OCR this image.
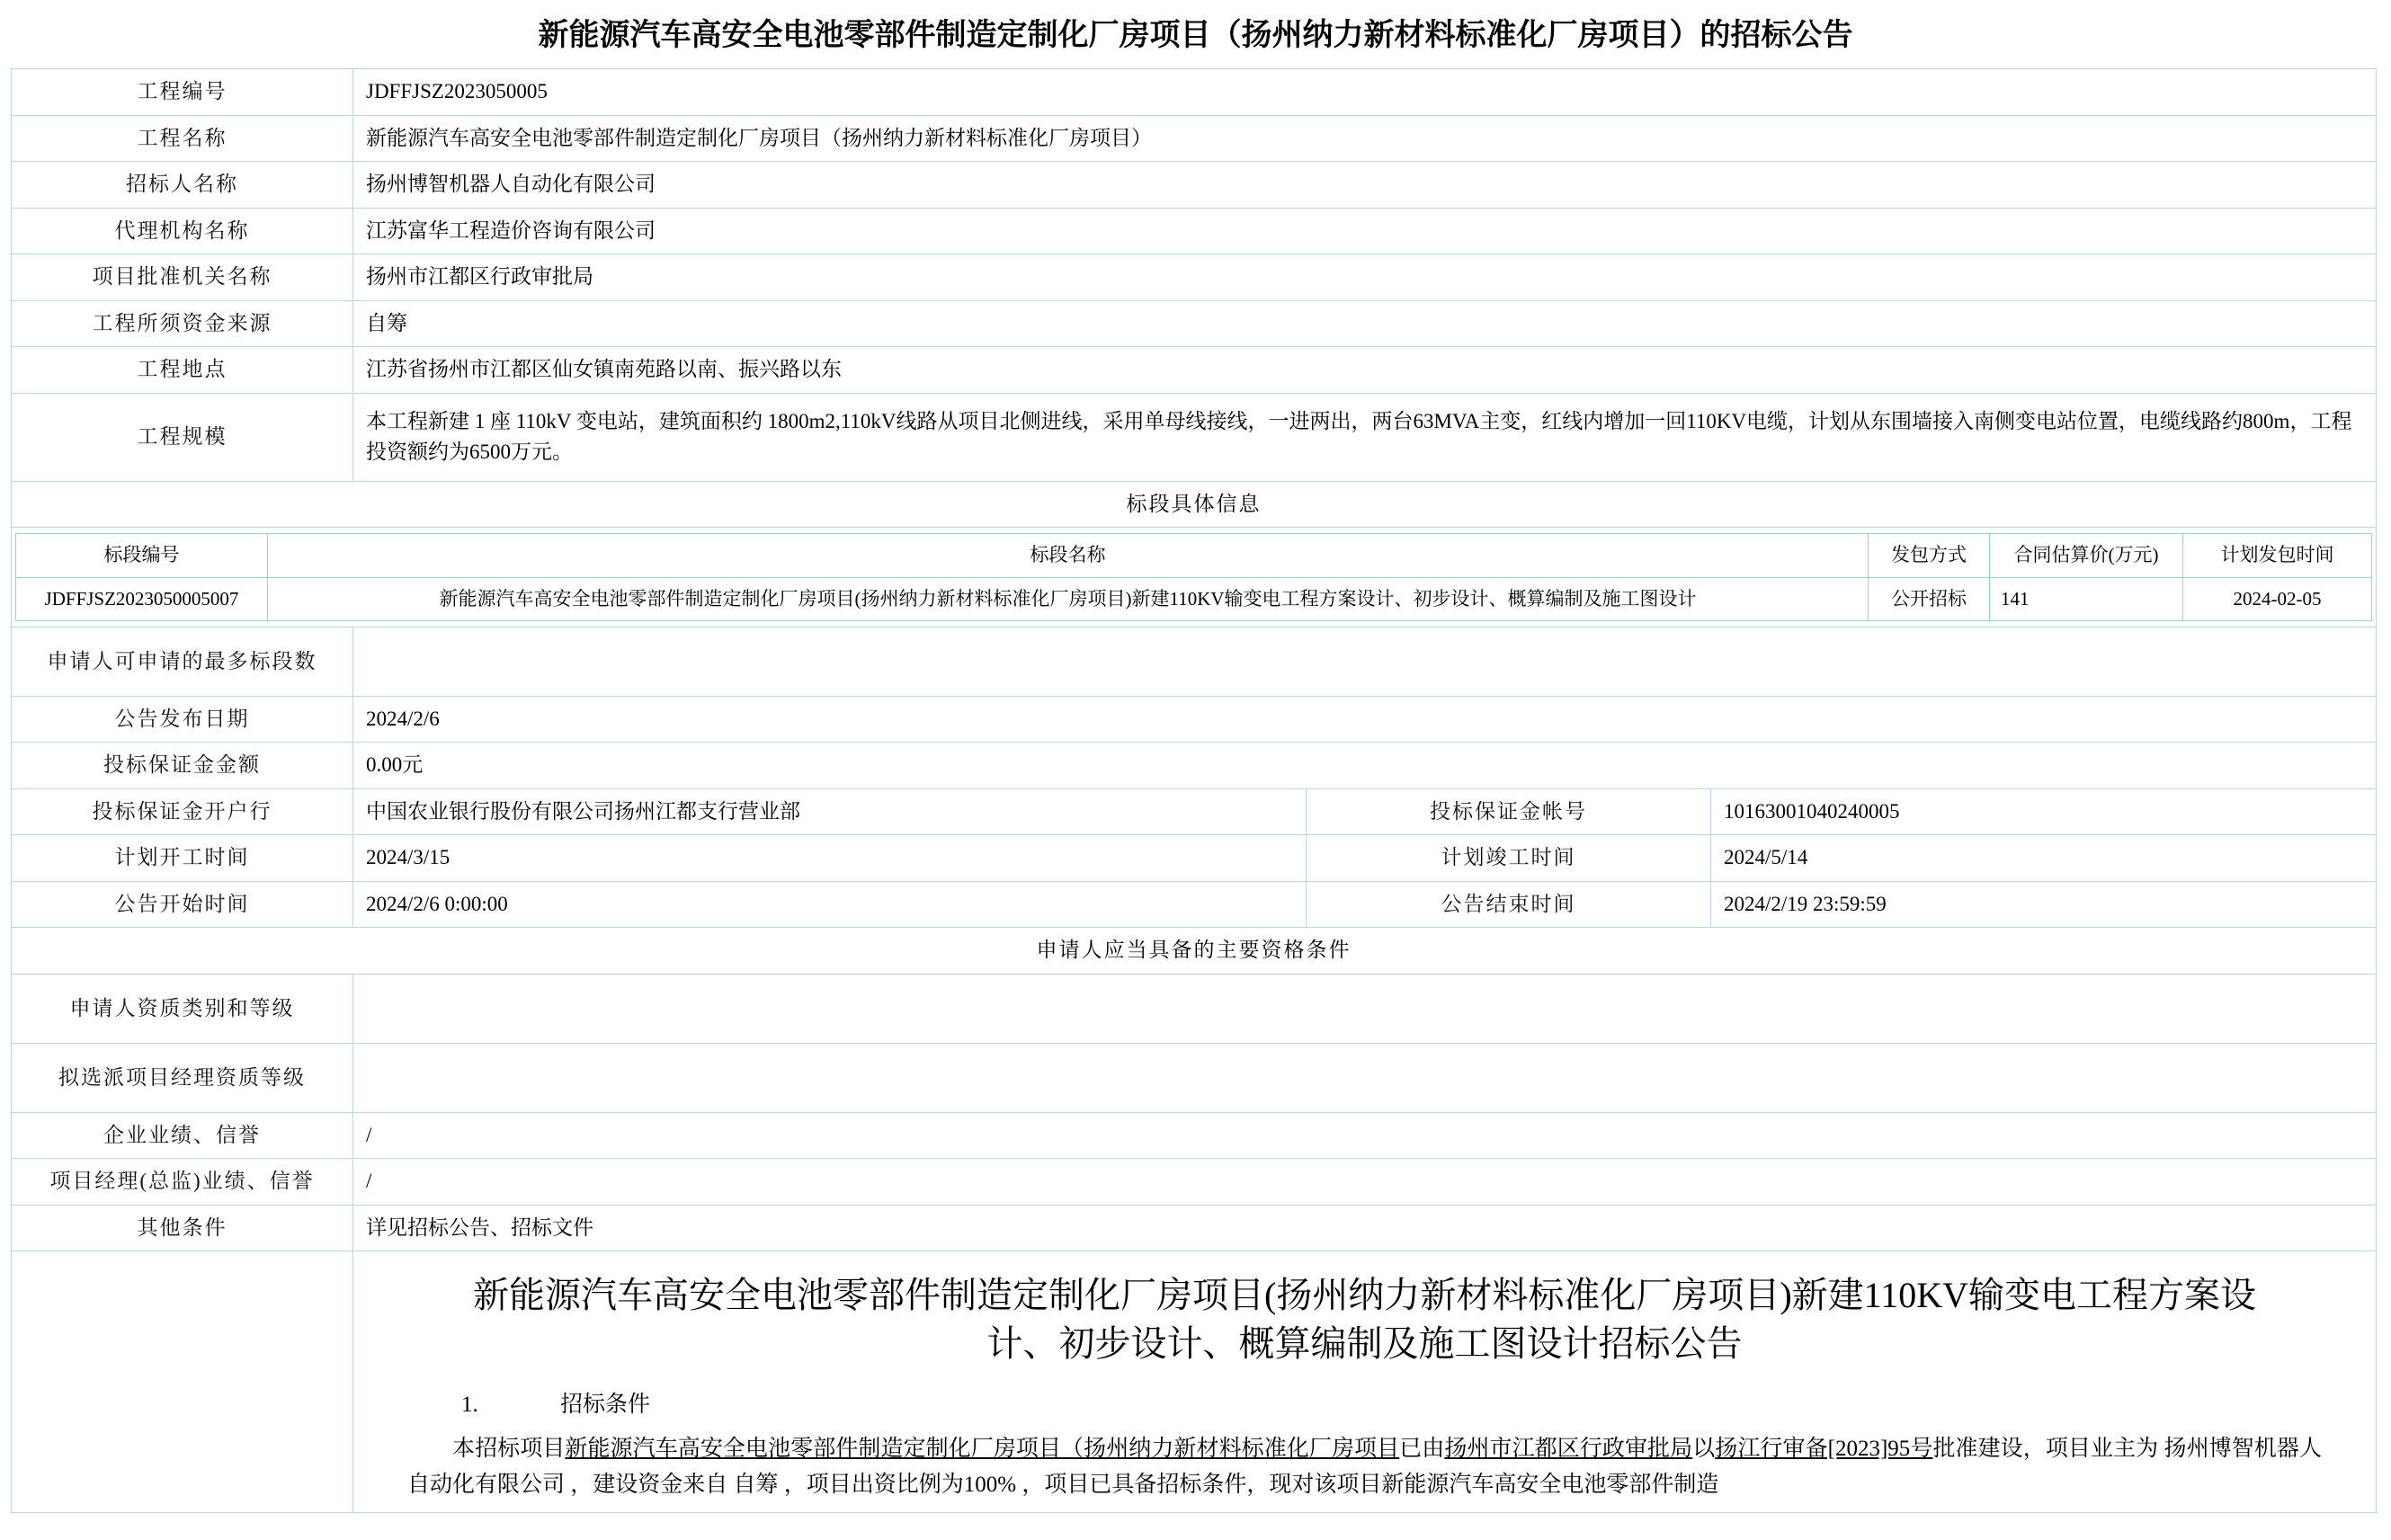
新能源汽车高安全电池零部件制造定制化厂房项目（扬州纳力新材料标准化厂房项目）的招标公告
工程编号	JDFFJSZ2023050005
工程名称	新能源汽车高安全电池零部件制造定制化厂房项目（扬州纳力新材料标准化厂房项目）
招标人名称	扬州博智机器人自动化有限公司
代理机构名称	江苏富华工程造价咨询有限公司
项目批准机关名称	扬州市江都区行政审批局
工程所须资金来源	自筹
工程地点	江苏省扬州市江都区仙女镇南苑路以南、振兴路以东
工程规模	本工程新建 1 座 110kV 变电站，建筑面积约 1800m2,110kV线路从项目北侧进线，采用单母线接线，一进两出，两台63MVA主变，红线内增加一回110KV电缆，计划从东围墙接入南侧变电站位置，电缆线路约800m，工程投资额约为6500万元。
标段具体信息

标段编号	标段名称	发包方式	合同估算价(万元)	计划发包时间
JDFFJSZ2023050005007	新能源汽车高安全电池零部件制造定制化厂房项目(扬州纳力新材料标准化厂房项目)新建110KV输变电工程方案设计、初步设计、概算编制及施工图设计	公开招标	141	2024-02-05

申请人可申请的最多标段数	
公告发布日期	2024/2/6
投标保证金金额	0.00元
投标保证金开户行	中国农业银行股份有限公司扬州江都支行营业部	投标保证金帐号	10163001040240005
计划开工时间	2024/3/15	计划竣工时间	2024/5/14
公告开始时间	2024/2/6 0:00:00	公告结束时间	2024/2/19 23:59:59
申请人应当具备的主要资格条件
申请人资质类别和等级	
拟选派项目经理资质等级	
企业业绩、信誉	/
项目经理(总监)业绩、信誉	/
其他条件	详见招标公告、招标文件

新能源汽车高安全电池零部件制造定制化厂房项目(扬州纳力新材料标准化厂房项目)新建110KV输变电工程方案设计、初步设计、概算编制及施工图设计招标公告
1.	招标条件
本招标项目新能源汽车高安全电池零部件制造定制化厂房项目（扬州纳力新材料标准化厂房项目已由扬州市江都区行政审批局以扬江行审备[2023]95号批准建设，项目业主为 扬州博智机器人自动化有限公司 ，建设资金来自 自筹 ，项目出资比例为100% ，项目已具备招标条件，现对该项目新能源汽车高安全电池零部件制造
